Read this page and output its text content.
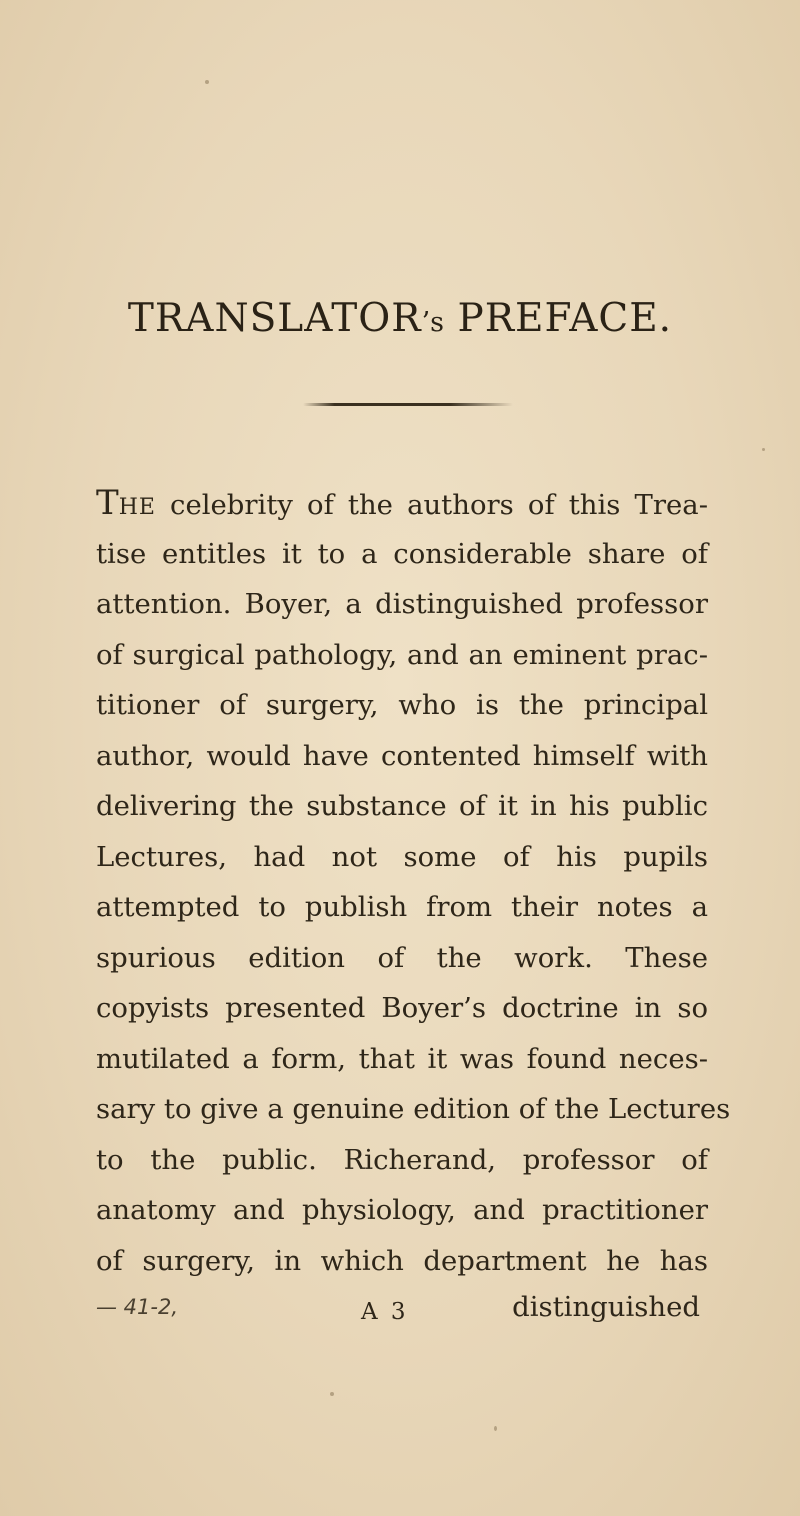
TRANSLATOR’s PREFACE.
THE celebrity of the authors of this Trea-
tise entitles it to a considerable share of
attention. Boyer, a distinguished professor
of surgical pathology, and an eminent prac-
titioner of surgery, who is the principal
author, would have contented himself with
delivering the substance of it in his public
Lectures, had not some of his pupils
attempted to publish from their notes a
spurious edition of the work. These
copyists presented Boyer’s doctrine in so
mutilated a form, that it was found neces-
sary to give a genuine edition of the Lectures
to the public. Richerand, professor of
anatomy and physiology, and practitioner
of surgery, in which department he has
— 41-2,	A 3	distinguished
